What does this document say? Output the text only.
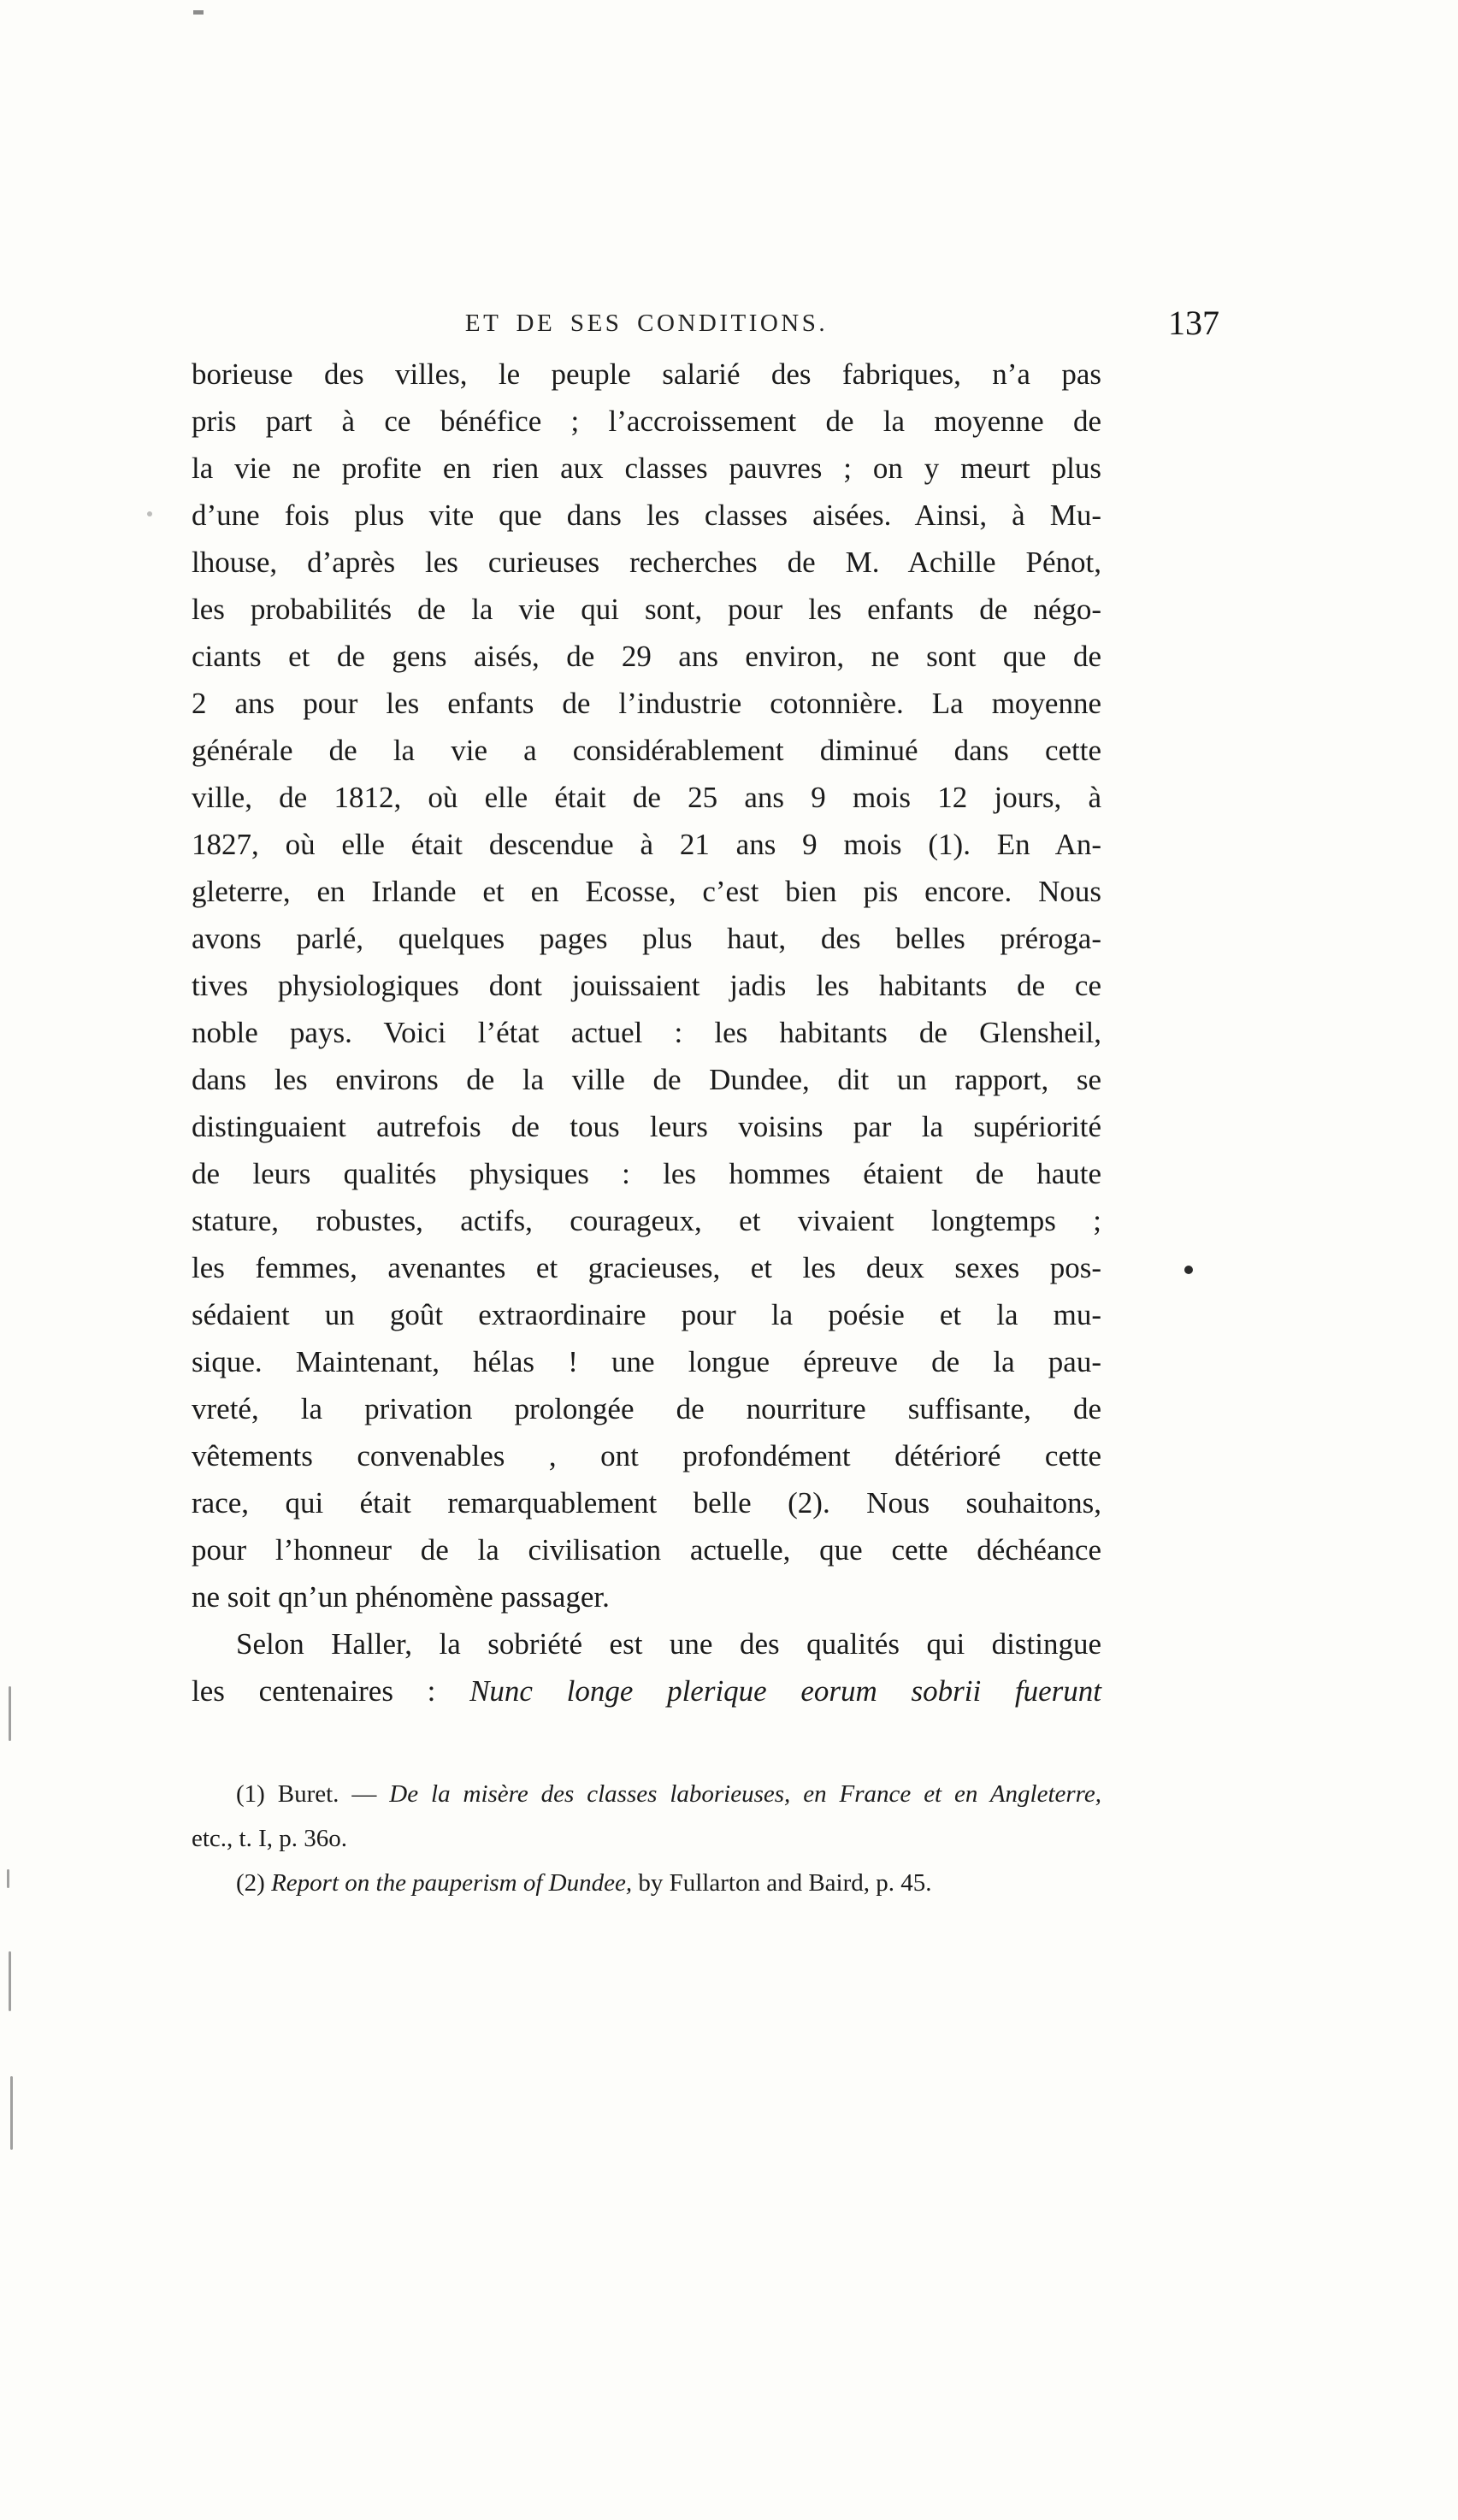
ET DE SES CONDITIONS.	137
borieuse des villes, le peuple salarié des fabriques, n’a pas
pris part à ce bénéfice ; l’accroissement de la moyenne de
la vie ne profite en rien aux classes pauvres ; on y meurt plus
d’une fois plus vite que dans les classes aisées. Ainsi, à Mu-
lhouse, d’après les curieuses recherches de M. Achille Pénot,
les probabilités de la vie qui sont, pour les enfants de négo-
ciants et de gens aisés, de 29 ans environ, ne sont que de
2 ans pour les enfants de l’industrie cotonnière. La moyenne
générale de la vie a considérablement diminué dans cette
ville, de 1812, où elle était de 25 ans 9 mois 12 jours, à
1827, où elle était descendue à 21 ans 9 mois (1). En An-
gleterre, en Irlande et en Ecosse, c’est bien pis encore. Nous
avons parlé, quelques pages plus haut, des belles préroga-
tives physiologiques dont jouissaient jadis les habitants de ce
noble pays. Voici l’état actuel : les habitants de Glensheil,
dans les environs de la ville de Dundee, dit un rapport, se
distinguaient autrefois de tous leurs voisins par la supériorité
de leurs qualités physiques : les hommes étaient de haute
stature, robustes, actifs, courageux, et vivaient longtemps ;
les femmes, avenantes et gracieuses, et les deux sexes pos-
sédaient un goût extraordinaire pour la poésie et la mu-
sique. Maintenant, hélas ! une longue épreuve de la pau-
vreté, la privation prolongée de nourriture suffisante, de
vêtements convenables , ont profondément détérioré cette
race, qui était remarquablement belle (2). Nous souhaitons,
pour l’honneur de la civilisation actuelle, que cette déchéance
ne soit qn’un phénomène passager.
Selon Haller, la sobriété est une des qualités qui distingue
les centenaires : Nunc longe plerique eorum sobrii fuerunt
(1) Buret. — De la misère des classes laborieuses, en France et en Angleterre,
etc., t. I, p. 36o.
(2) Report on the pauperism of Dundee, by Fullarton and Baird, p. 45.
